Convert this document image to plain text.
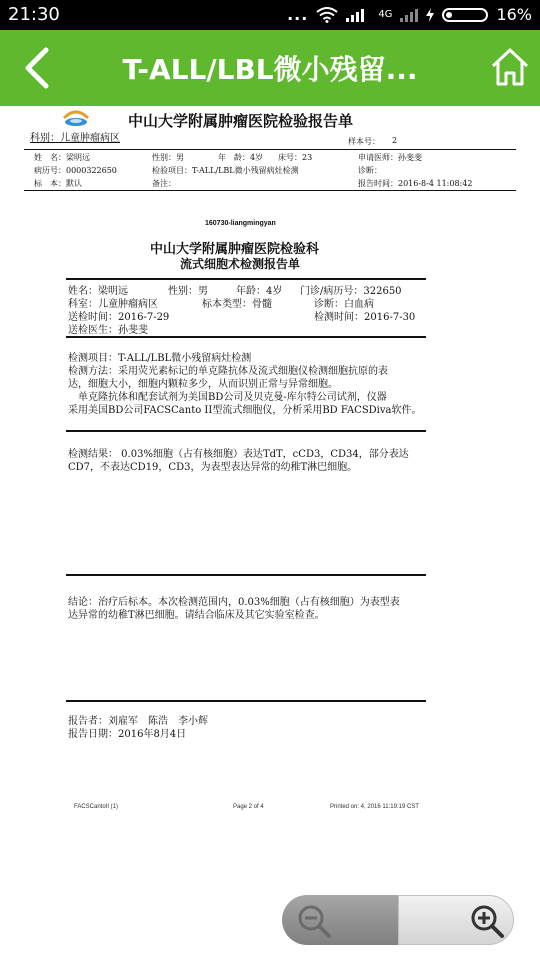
21:30	...	4G	16%
T-ALL/LBL微小残留...
中山大学附属肿瘤医院检验报告单
科别：儿童肿瘤病区	样本号： 2
姓　名：梁明远	性别：男	年　龄：4岁 床号：23	申请医师：孙斐斐
病历号：0000322650	检验项目：T-ALL/LBL微小残留病灶检测	诊断：
标　本：默认	备注：	报告时间：2016-8-4 11:08:42
160730-liangmingyan
中山大学附属肿瘤医院检验科
流式细胞术检测报告单
姓名：梁明远	性别：男	年龄：4岁 门诊/病历号：322650
科室：儿童肿瘤病区	标本类型：骨髓	诊断：白血病
送检时间：2016-7-29	检测时间：2016-7-30
送检医生：孙斐斐
检测项目：T-ALL/LBL微小残留病灶检测
检测方法：采用荧光素标记的单克隆抗体及流式细胞仪检测细胞抗原的表
达，细胞大小，细胞内颗粒多少，从而识别正常与异常细胞。
　单克隆抗体和配套试剂为美国BD公司及贝克曼-库尔特公司试剂，仪器
采用美国BD公司FACSCanto II型流式细胞仪，分析采用BD FACSDiva软件。
检测结果： 0.03%细胞（占有核细胞）表达TdT，cCD3，CD34，部分表达
CD7，不表达CD19，CD3，为表型表达异常的幼稚T淋巴细胞。
结论：治疗后标本。本次检测范围内，0.03%细胞（占有核细胞）为表型表
达异常的幼稚T淋巴细胞。请结合临床及其它实验室检查。
报告者：刘雇军　陈浩　李小辉
报告日期：2016年8月4日
FACSCantoII (1)	Page 2 of 4	Printed on: 4, 2016 11:19:19 CST
